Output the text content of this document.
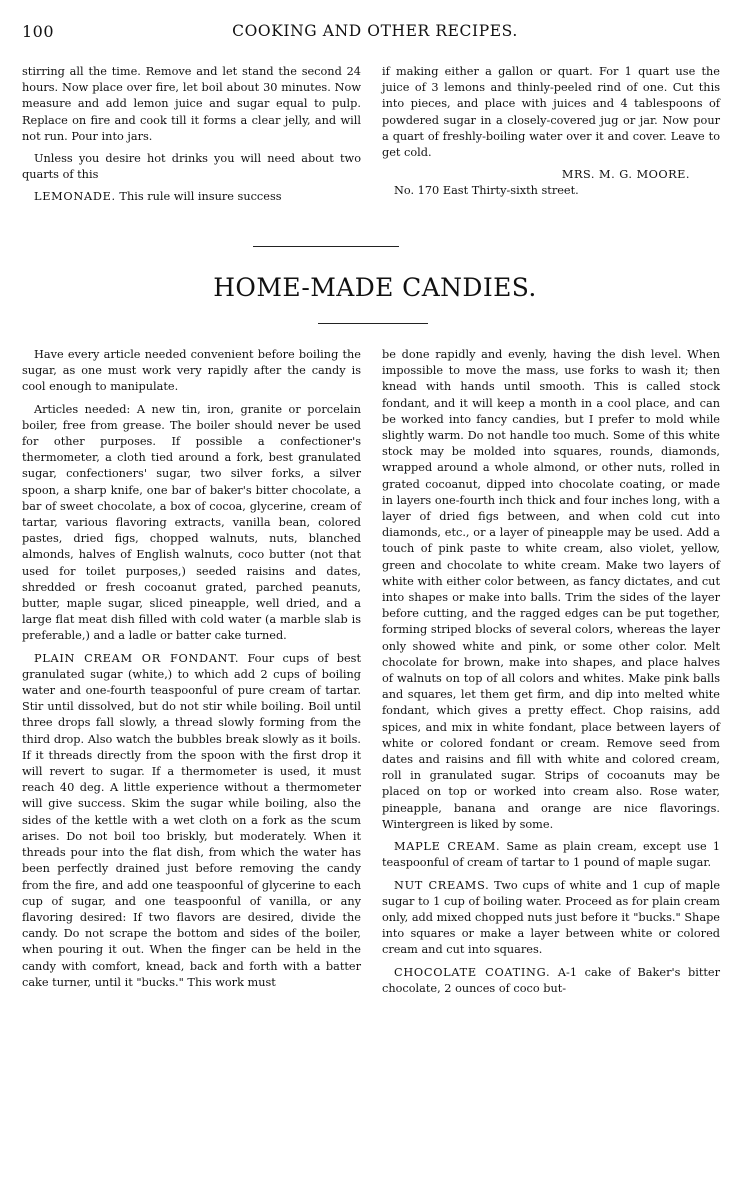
100	COOKING AND OTHER RECIPES.

stirring all the time. Remove and let stand the second 24 hours. Now place over fire, let boil about 30 minutes. Now measure and add lemon juice and sugar equal to pulp. Replace on fire and cook till it forms a clear jelly, and will not run. Pour into jars.

Unless you desire hot drinks you will need about two quarts of this

LEMONADE. This rule will insure success

if making either a gallon or quart. For 1 quart use the juice of 3 lemons and thinly-peeled rind of one. Cut this into pieces, and place with juices and 4 tablespoons of powdered sugar in a closely-covered jug or jar. Now pour a quart of freshly-boiling water over it and cover. Leave to get cold.

MRS. M. G. MOORE.

No. 170 East Thirty-sixth street.

HOME-MADE CANDIES.

Have every article needed convenient before boiling the sugar, as one must work very rapidly after the candy is cool enough to manipulate.

Articles needed: A new tin, iron, granite or porcelain boiler, free from grease. The boiler should never be used for other purposes. If possible a confectioner's thermometer, a cloth tied around a fork, best granulated sugar, confectioners' sugar, two silver forks, a silver spoon, a sharp knife, one bar of baker's bitter chocolate, a bar of sweet chocolate, a box of cocoa, glycerine, cream of tartar, various flavoring extracts, vanilla bean, colored pastes, dried figs, chopped walnuts, nuts, blanched almonds, halves of English walnuts, coco butter (not that used for toilet purposes,) seeded raisins and dates, shredded or fresh cocoanut grated, parched peanuts, butter, maple sugar, sliced pineapple, well dried, and a large flat meat dish filled with cold water (a marble slab is preferable,) and a ladle or batter cake turned.

PLAIN CREAM OR FONDANT. Four cups of best granulated sugar (white,) to which add 2 cups of boiling water and one-fourth teaspoonful of pure cream of tartar. Stir until dissolved, but do not stir while boiling. Boil until three drops fall slowly, a thread slowly forming from the third drop. Also watch the bubbles break slowly as it boils. If it threads directly from the spoon with the first drop it will revert to sugar. If a thermometer is used, it must reach 40 deg. A little experience without a thermometer will give success. Skim the sugar while boiling, also the sides of the kettle with a wet cloth on a fork as the scum arises. Do not boil too briskly, but moderately. When it threads pour into the flat dish, from which the water has been perfectly drained just before removing the candy from the fire, and add one teaspoonful of glycerine to each cup of sugar, and one teaspoonful of vanilla, or any flavoring desired: If two flavors are desired, divide the candy. Do not scrape the bottom and sides of the boiler, when pouring it out. When the finger can be held in the candy with comfort, knead, back and forth with a batter cake turner, until it "bucks." This work must

be done rapidly and evenly, having the dish level. When impossible to move the mass, use forks to wash it; then knead with hands until smooth. This is called stock fondant, and it will keep a month in a cool place, and can be worked into fancy candies, but I prefer to mold while slightly warm. Do not handle too much. Some of this white stock may be molded into squares, rounds, diamonds, wrapped around a whole almond, or other nuts, rolled in grated cocoanut, dipped into chocolate coating, or made in layers one-fourth inch thick and four inches long, with a layer of dried figs between, and when cold cut into diamonds, etc., or a layer of pineapple may be used. Add a touch of pink paste to white cream, also violet, yellow, green and chocolate to white cream. Make two layers of white with either color between, as fancy dictates, and cut into shapes or make into balls. Trim the sides of the layer before cutting, and the ragged edges can be put together, forming striped blocks of several colors, whereas the layer only showed white and pink, or some other color. Melt chocolate for brown, make into shapes, and place halves of walnuts on top of all colors and whites. Make pink balls and squares, let them get firm, and dip into melted white fondant, which gives a pretty effect. Chop raisins, add spices, and mix in white fondant, place between layers of white or colored fondant or cream. Remove seed from dates and raisins and fill with white and colored cream, roll in granulated sugar. Strips of cocoanuts may be placed on top or worked into cream also. Rose water, pineapple, banana and orange are nice flavorings. Wintergreen is liked by some.

MAPLE CREAM. Same as plain cream, except use 1 teaspoonful of cream of tartar to 1 pound of maple sugar.

NUT CREAMS. Two cups of white and 1 cup of maple sugar to 1 cup of boiling water. Proceed as for plain cream only, add mixed chopped nuts just before it "bucks." Shape into squares or make a layer between white or colored cream and cut into squares.

CHOCOLATE COATING. A-1 cake of Baker's bitter chocolate, 2 ounces of coco but-
